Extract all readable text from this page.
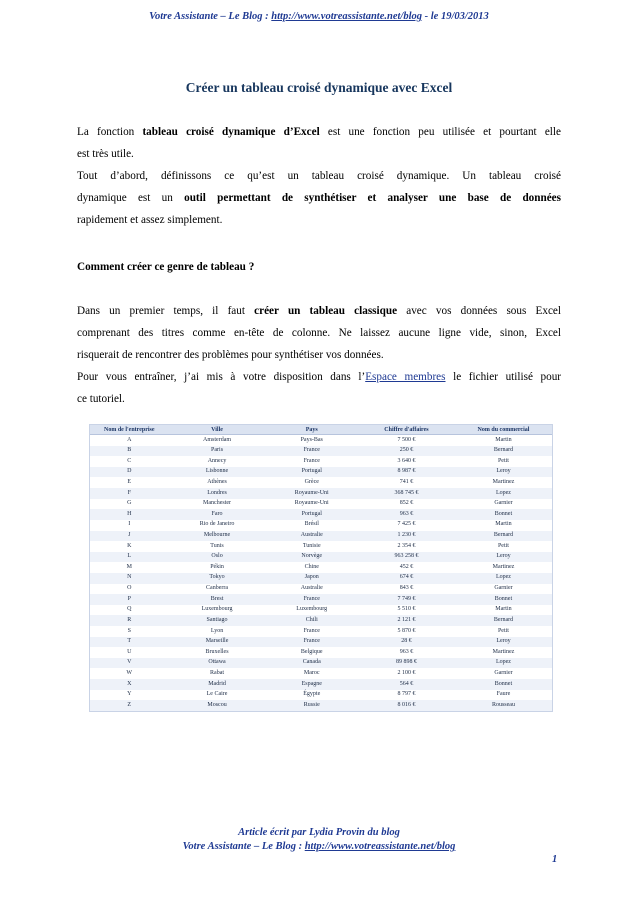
Votre Assistante – Le Blog : http://www.votreassistante.net/blog - le 19/03/2013
Créer un tableau croisé dynamique avec Excel

La fonction tableau croisé dynamique d’Excel est une fonction peu utilisée et pourtant elle

est très utile.

Tout d’abord, définissons ce qu’est un tableau croisé dynamique. Un tableau croisé

dynamique est un outil permettant de synthétiser et analyser une base de données

rapidement et assez simplement.

Comment créer ce genre de tableau ?

Dans un premier temps, il faut créer un tableau classique avec vos données sous Excel

comprenant des titres comme en-tête de colonne. Ne laissez aucune ligne vide, sinon, Excel

risquerait de rencontrer des problèmes pour synthétiser vos données.

Pour vous entraîner, j’ai mis à votre disposition dans l’Espace membres le fichier utilisé pour

ce tutoriel.

Nom de l'entreprise	Ville	Pays	Chiffre d'affaires	Nom du commercial
A	Amsterdam	Pays-Bas	7 500 €	Martin
B	Paris	France	250 €	Bernard
C	Annecy	France	3 640 €	Petit
D	Lisbonne	Portugal	8 987 €	Leroy
E	Athènes	Grèce	741 €	Martinez
F	Londres	Royaume-Uni	368 745 €	Lopez
G	Manchester	Royaume-Uni	852 €	Garnier
H	Faro	Portugal	963 €	Bonnet
I	Rio de Janeiro	Brésil	7 425 €	Martin
J	Melbourne	Australie	1 230 €	Bernard
K	Tunis	Tunisie	2 354 €	Petit
L	Oslo	Norvège	963 258 €	Leroy
M	Pékin	Chine	452 €	Martinez
N	Tokyo	Japon	674 €	Lopez
O	Canberra	Australie	843 €	Garnier
P	Brest	France	7 749 €	Bonnet
Q	Luxembourg	Luxembourg	5 510 €	Martin
R	Santiago	Chili	2 121 €	Bernard
S	Lyon	France	5 870 €	Petit
T	Marseille	France	28 €	Leroy
U	Bruxelles	Belgique	963 €	Martinez
V	Ottawa	Canada	89 898 €	Lopez
W	Rabat	Maroc	2 100 €	Garnier
X	Madrid	Espagne	564 €	Bonnet
Y	Le Caire	Égypte	8 797 €	Faure
Z	Moscou	Russie	8 016 €	Rousseau
Article écrit par Lydia Provin du blog
Votre Assistante – Le Blog : http://www.votreassistante.net/blog
1
